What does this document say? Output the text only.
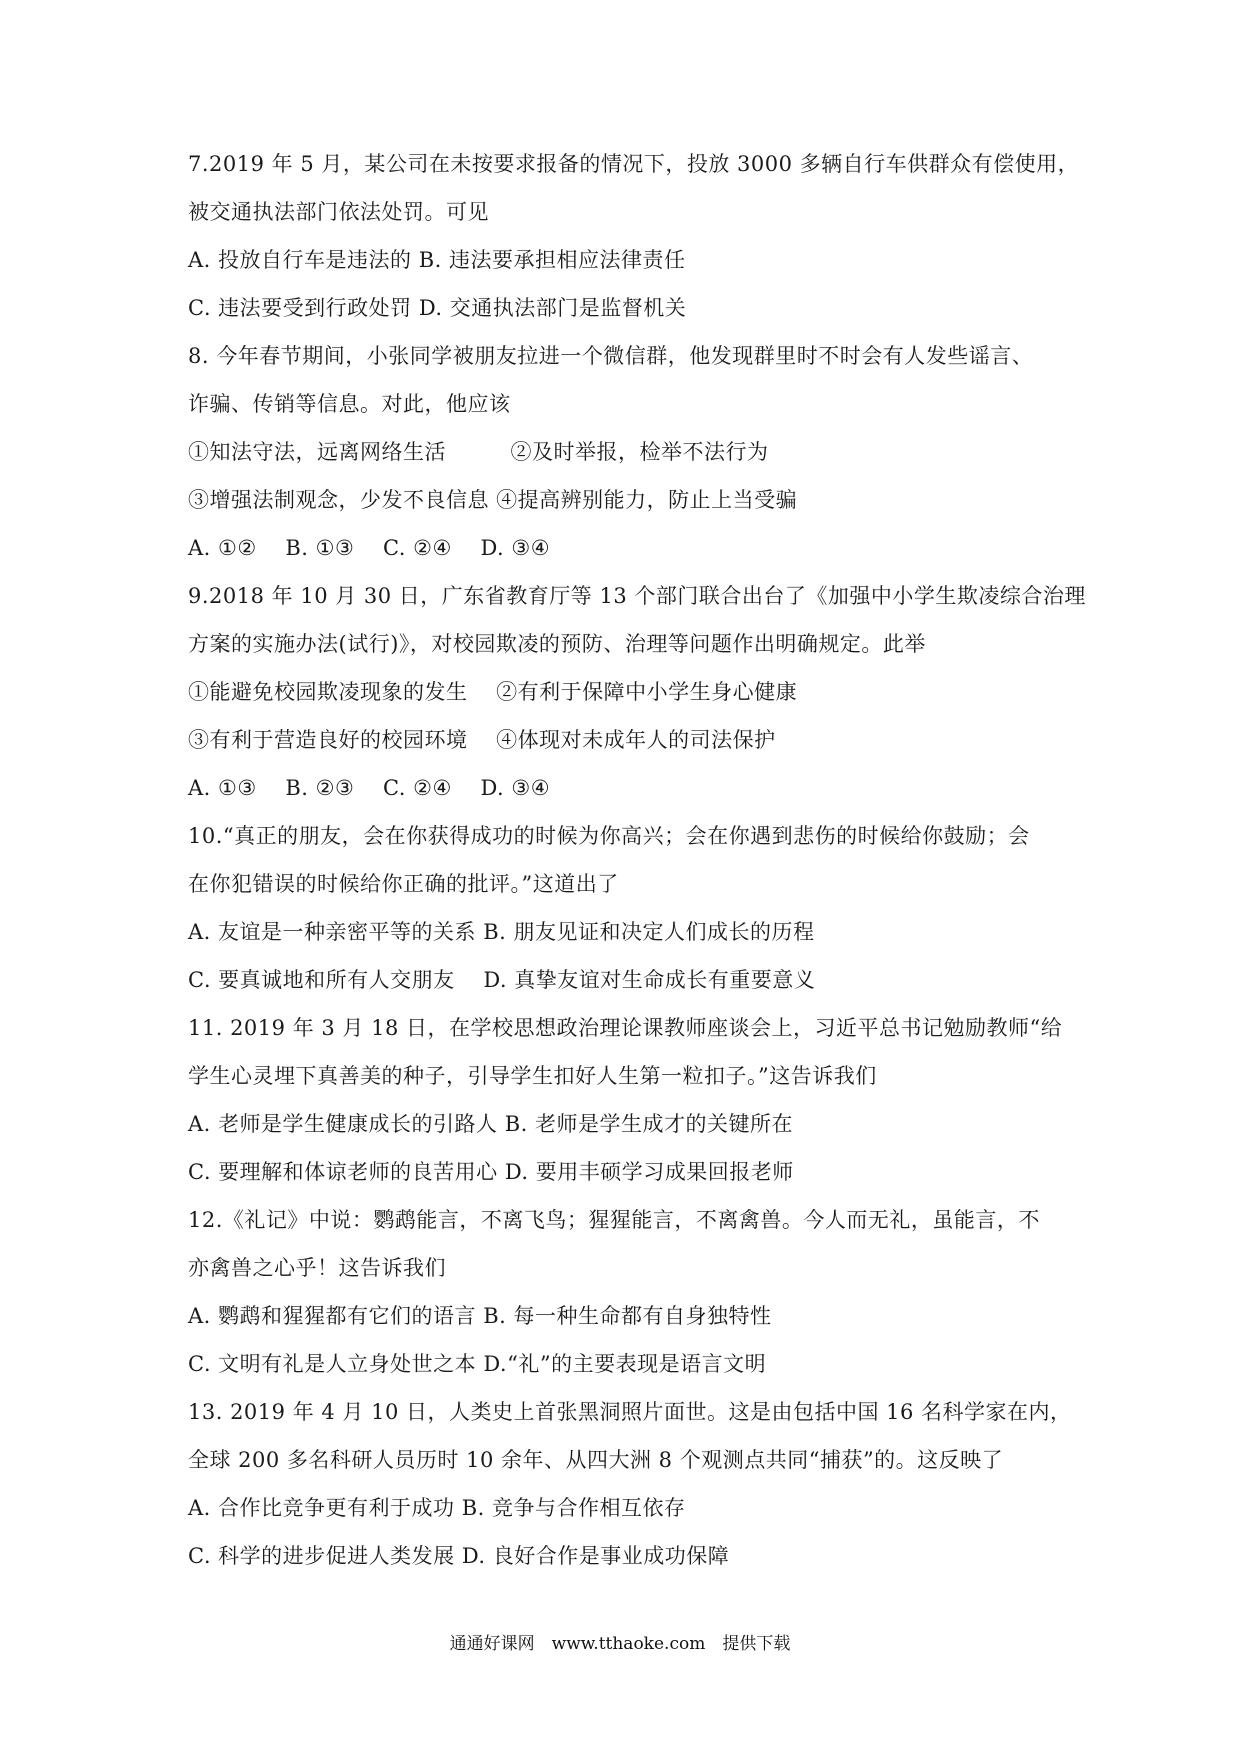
7.2019 年 5 月，某公司在未按要求报备的情况下，投放 3000 多辆自行车供群众有偿使用，

被交通执法部门依法处罚。可见

A. 投放自行车是违法的 B. 违法要承担相应法律责任

C. 违法要受到行政处罚 D. 交通执法部门是监督机关

8. 今年春节期间，小张同学被朋友拉进一个微信群，他发现群里时不时会有人发些谣言、

诈骗、传销等信息。对此，他应该

①知法守法，远离网络生活　　　②及时举报，检举不法行为

③增强法制观念，少发不良信息 ④提高辨别能力，防止上当受骗

A. ①②　 B. ①③　 C. ②④　 D. ③④

9.2018 年 10 月 30 日，广东省教育厅等 13 个部门联合出台了《加强中小学生欺凌综合治理

方案的实施办法(试行)》，对校园欺凌的预防、治理等问题作出明确规定。此举

①能避免校园欺凌现象的发生　 ②有利于保障中小学生身心健康

③有利于营造良好的校园环境　 ④体现对未成年人的司法保护

A. ①③　 B. ②③　 C. ②④　 D. ③④

10.“真正的朋友，会在你获得成功的时候为你高兴；会在你遇到悲伤的时候给你鼓励；会

在你犯错误的时候给你正确的批评。”这道出了

A. 友谊是一种亲密平等的关系 B. 朋友见证和决定人们成长的历程

C. 要真诚地和所有人交朋友　 D. 真挚友谊对生命成长有重要意义

11. 2019 年 3 月 18 日，在学校思想政治理论课教师座谈会上，习近平总书记勉励教师“给

学生心灵埋下真善美的种子，引导学生扣好人生第一粒扣子。”这告诉我们

A. 老师是学生健康成长的引路人 B. 老师是学生成才的关键所在

C. 要理解和体谅老师的良苦用心 D. 要用丰硕学习成果回报老师

12.《礼记》中说：鹦鹉能言，不离飞鸟；猩猩能言，不离禽兽。今人而无礼，虽能言，不

亦禽兽之心乎！这告诉我们

A. 鹦鹉和猩猩都有它们的语言 B. 每一种生命都有自身独特性

C. 文明有礼是人立身处世之本 D.“礼”的主要表现是语言文明

13. 2019 年 4 月 10 日，人类史上首张黑洞照片面世。这是由包括中国 16 名科学家在内，

全球 200 多名科研人员历时 10 余年、从四大洲 8 个观测点共同“捕获”的。这反映了

A. 合作比竞争更有利于成功 B. 竞争与合作相互依存

C. 科学的进步促进人类发展 D. 良好合作是事业成功保障

通通好课网　www.tthaoke.com　提供下载
